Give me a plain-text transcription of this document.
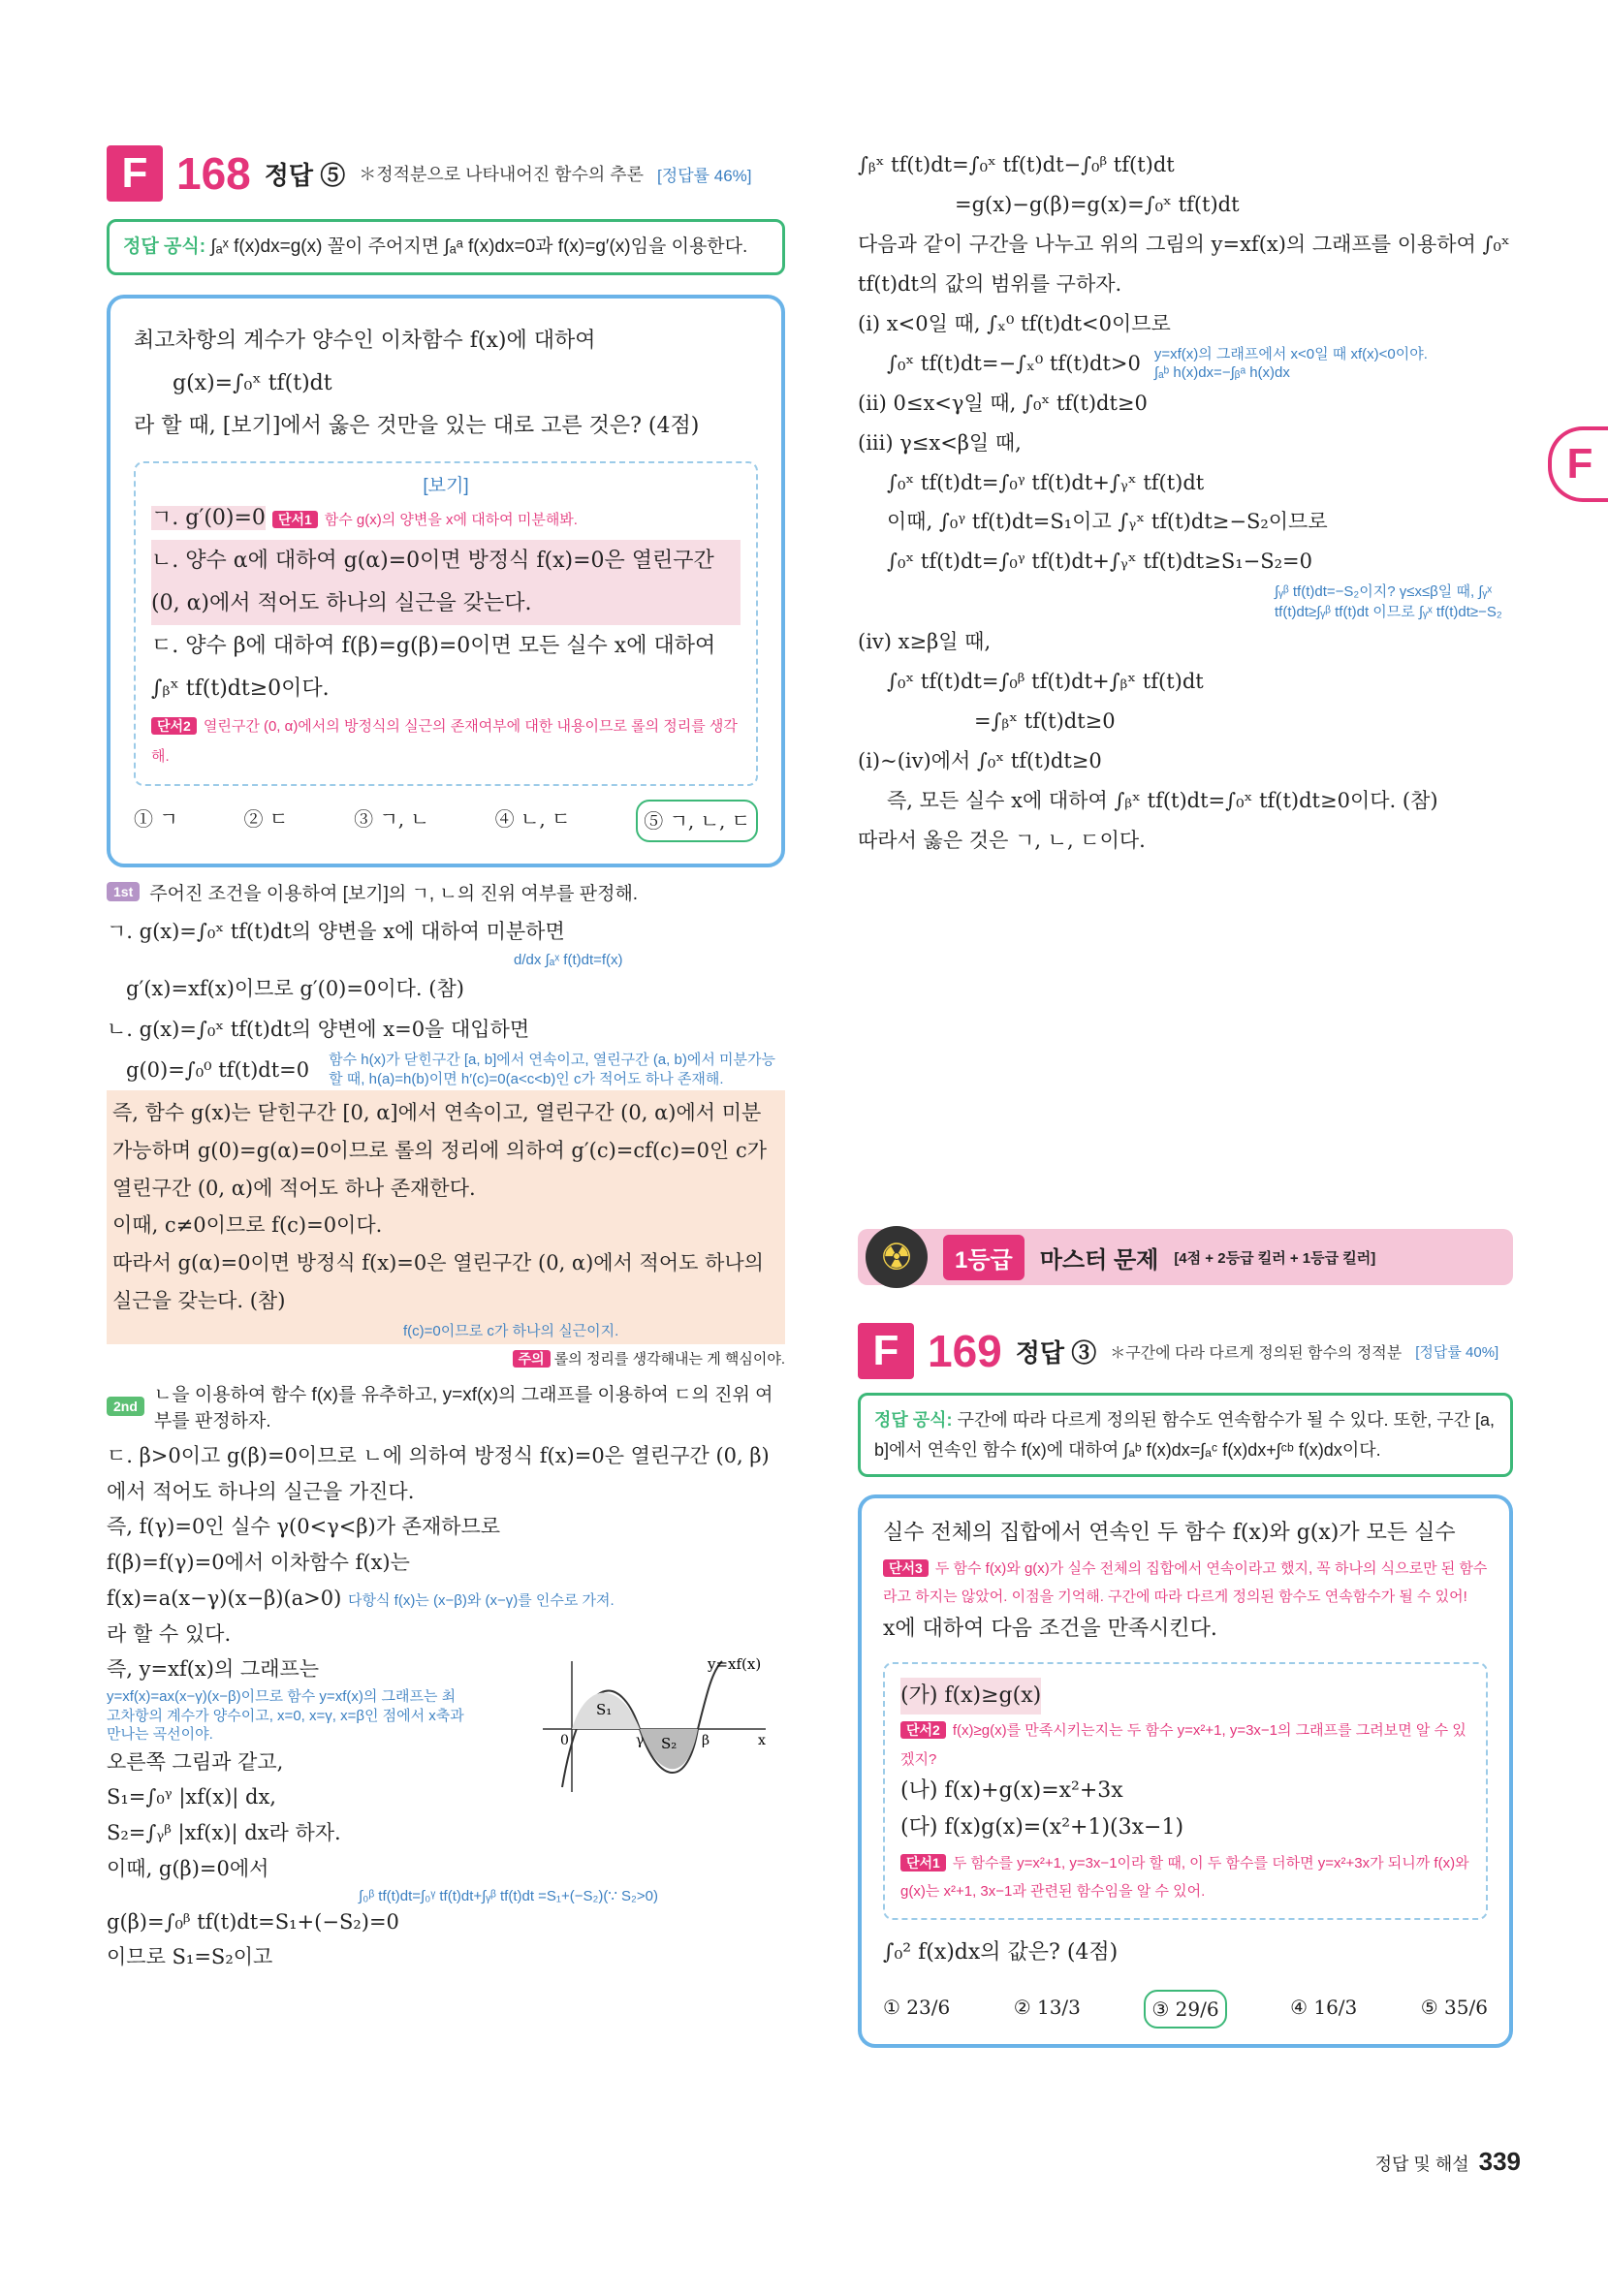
F 168 정답 ⑤ ＊정적분으로 나타내어진 함수의 추론 [정답률 46%]
정답 공식: ∫ₐˣ f(x)dx=g(x) 꼴이 주어지면 ∫ₐᵃ f(x)dx=0과 f(x)=g′(x)임을 이용한다.
최고차항의 계수가 양수인 이차함수 f(x)에 대하여
g(x)=∫₀ˣ tf(t)dt
라 할 때, [보기]에서 옳은 것만을 있는 대로 고른 것은? (4점)
[보기]
ㄱ. g′(0)=0 단서1 함수 g(x)의 양변을 x에 대하여 미분해봐.
ㄴ. 양수 α에 대하여 g(α)=0이면 방정식 f(x)=0은 열린구간 (0, α)에서 적어도 하나의 실근을 갖는다.
ㄷ. 양수 β에 대하여 f(β)=g(β)=0이면 모든 실수 x에 대하여 ∫ᵦˣ tf(t)dt≥0이다.
단서2 열린구간 (0, α)에서의 방정식의 실근의 존재여부에 대한 내용이므로 롤의 정리를 생각해.
① ㄱ	② ㄷ	③ ㄱ, ㄴ	④ ㄴ, ㄷ	⑤ ㄱ, ㄴ, ㄷ
1st 주어진 조건을 이용하여 [보기]의 ㄱ, ㄴ의 진위 여부를 판정해.
ㄱ. g(x)=∫₀ˣ tf(t)dt의 양변을 x에 대하여 미분하면
d/dx ∫ₐˣ f(t)dt=f(x)
g′(x)=xf(x)이므로 g′(0)=0이다. (참)
ㄴ. g(x)=∫₀ˣ tf(t)dt의 양변에 x=0을 대입하면
g(0)=∫₀⁰ tf(t)dt=0 함수 h(x)가 닫힌구간 [a, b]에서 연속이고, 열린구간 (a, b)에서 미분가능할 때, h(a)=h(b)이면 h′(c)=0(a<c<b)인 c가 적어도 하나 존재해.
즉, 함수 g(x)는 닫힌구간 [0, α]에서 연속이고, 열린구간 (0, α)에서 미분가능하며 g(0)=g(α)=0이므로 롤의 정리에 의하여 g′(c)=cf(c)=0인 c가 열린구간 (0, α)에 적어도 하나 존재한다.
이때, c≠0이므로 f(c)=0이다.
따라서 g(α)=0이면 방정식 f(x)=0은 열린구간 (0, α)에서 적어도 하나의 실근을 갖는다. (참)
f(c)=0이므로 c가 하나의 실근이지.
주의 롤의 정리를 생각해내는 게 핵심이야.
2nd
ㄴ을 이용하여 함수 f(x)를 유추하고, y=xf(x)의 그래프를 이용하여 ㄷ의 진위 여부를 판정하자.
ㄷ. β>0이고 g(β)=0이므로 ㄴ에 의하여 방정식 f(x)=0은 열린구간 (0, β)에서 적어도 하나의 실근을 가진다.
즉, f(γ)=0인 실수 γ(0<γ<β)가 존재하므로
f(β)=f(γ)=0에서 이차함수 f(x)는
f(x)=a(x−γ)(x−β)(a>0) 다항식 f(x)는 (x−β)와 (x−γ)를 인수로 가져.
라 할 수 있다.
즉, y=xf(x)의 그래프는
y=xf(x)=ax(x−γ)(x−β)이므로 함수 y=xf(x)의 그래프는 최고차항의 계수가 양수이고, x=0, x=γ, x=β인 점에서 x축과 만나는 곡선이야.
오른쪽 그림과 같고,
y=xf(x)
S₁
S₂
0	γ	β	x
S₁=∫₀ᵞ |xf(x)| dx,
S₂=∫ᵧᵝ |xf(x)| dx라 하자.
이때, g(β)=0에서
∫₀ᵝ tf(t)dt=∫₀ᵞ tf(t)dt+∫ᵧᵝ tf(t)dt =S₁+(−S₂)(∵ S₂>0)
g(β)=∫₀ᵝ tf(t)dt=S₁+(−S₂)=0
이므로 S₁=S₂이고
∫ᵦˣ tf(t)dt=∫₀ˣ tf(t)dt−∫₀ᵝ tf(t)dt
=g(x)−g(β)=g(x)=∫₀ˣ tf(t)dt
다음과 같이 구간을 나누고 위의 그림의 y=xf(x)의 그래프를 이용하여 ∫₀ˣ tf(t)dt의 값의 범위를 구하자.
(i) x<0일 때, ∫ₓ⁰ tf(t)dt<0이므로
∫₀ˣ tf(t)dt=−∫ₓ⁰ tf(t)dt>0 y=xf(x)의 그래프에서 x<0일 때 xf(x)<0이야.
∫ₐᵇ h(x)dx=−∫ᵦᵃ h(x)dx
(ii) 0≤x<γ일 때, ∫₀ˣ tf(t)dt≥0
(iii) γ≤x<β일 때,
∫₀ˣ tf(t)dt=∫₀ᵞ tf(t)dt+∫ᵧˣ tf(t)dt
이때, ∫₀ᵞ tf(t)dt=S₁이고 ∫ᵧˣ tf(t)dt≥−S₂이므로
∫₀ˣ tf(t)dt=∫₀ᵞ tf(t)dt+∫ᵧˣ tf(t)dt≥S₁−S₂=0
∫ᵧᵝ tf(t)dt=−S₂이지? γ≤x≤β일 때, ∫ᵧˣ tf(t)dt≥∫ᵧᵝ tf(t)dt 이므로 ∫ᵧˣ tf(t)dt≥−S₂
(iv) x≥β일 때,
∫₀ˣ tf(t)dt=∫₀ᵝ tf(t)dt+∫ᵦˣ tf(t)dt
=∫ᵦˣ tf(t)dt≥0
(i)~(iv)에서 ∫₀ˣ tf(t)dt≥0
즉, 모든 실수 x에 대하여 ∫ᵦˣ tf(t)dt=∫₀ˣ tf(t)dt≥0이다. (참)
따라서 옳은 것은 ㄱ, ㄴ, ㄷ이다.
☢	1등급	마스터 문제 [4점 + 2등급 킬러 + 1등급 킬러]
F 169 정답 ③ ＊구간에 다라 다르게 정의된 함수의 정적분 [정답률 40%]
정답 공식: 구간에 따라 다르게 정의된 함수도 연속함수가 될 수 있다. 또한, 구간 [a, b]에서 연속인 함수 f(x)에 대하여 ∫ₐᵇ f(x)dx=∫ₐᶜ f(x)dx+∫ᶜᵇ f(x)dx이다.
실수 전체의 집합에서 연속인 두 함수 f(x)와 g(x)가 모든 실수
단서3 두 함수 f(x)와 g(x)가 실수 전체의 집합에서 연속이라고 했지, 꼭 하나의 식으로만 된 함수라고 하지는 않았어. 이점을 기억해. 구간에 따라 다르게 정의된 함수도 연속함수가 될 수 있어!
x에 대하여 다음 조건을 만족시킨다.
(가) f(x)≥g(x)
단서2 f(x)≥g(x)를 만족시키는지는 두 함수 y=x²+1, y=3x−1의 그래프를 그려보면 알 수 있겠지?
(나) f(x)+g(x)=x²+3x
(다) f(x)g(x)=(x²+1)(3x−1)
단서1 두 함수를 y=x²+1, y=3x−1이라 할 때, 이 두 함수를 더하면 y=x²+3x가 되니까 f(x)와 g(x)는 x²+1, 3x−1과 관련된 함수임을 알 수 있어.
∫₀² f(x)dx의 값은? (4점)
① 23/6	② 13/3	③ 29/6	④ 16/3	⑤ 35/6
F
정답 및 해설 339
